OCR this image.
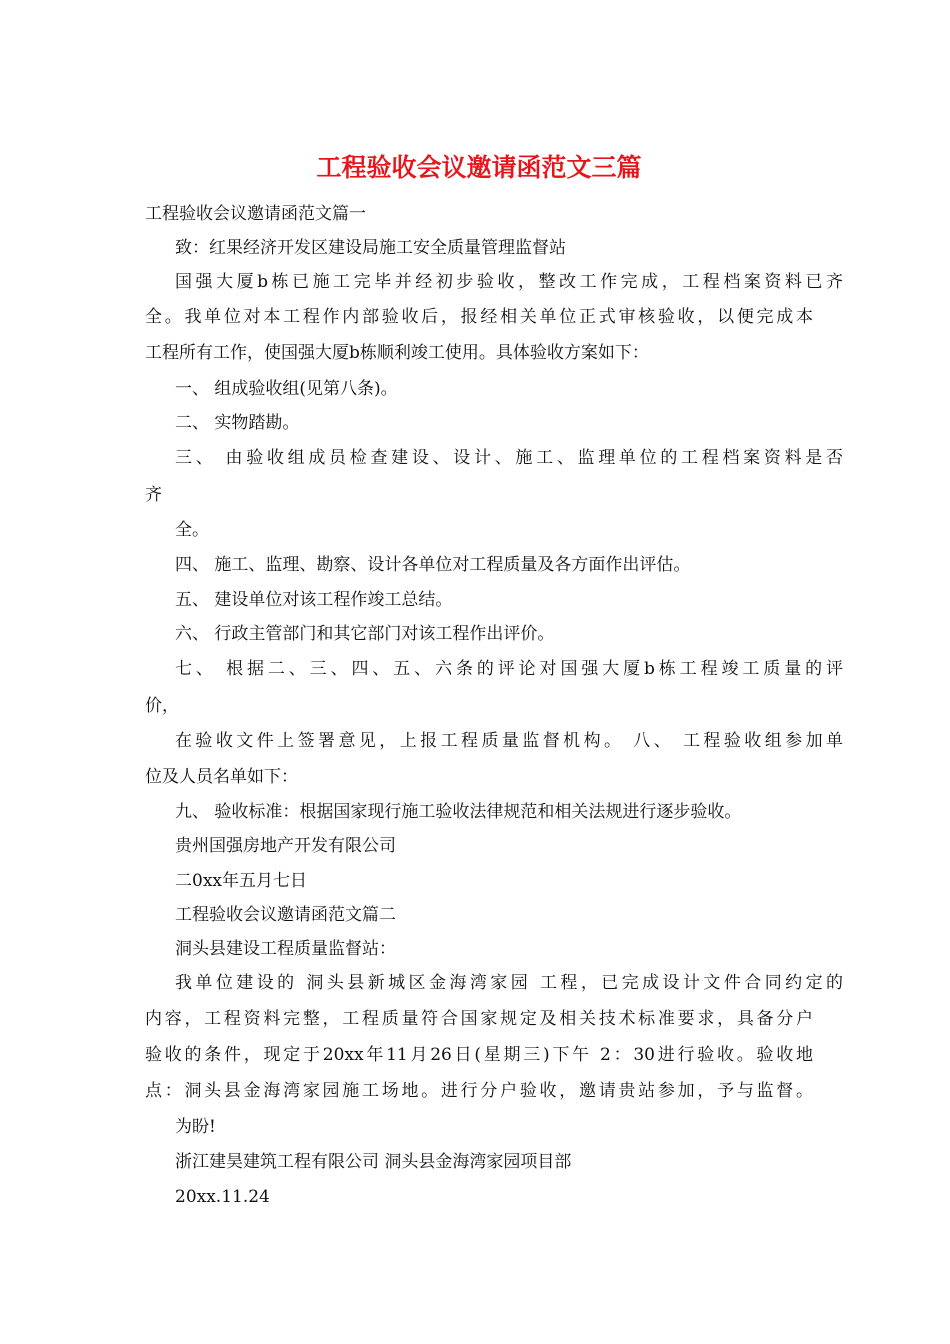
工程验收会议邀请函范文三篇
工程验收会议邀请函范文篇一
致：红果经济开发区建设局施工安全质量管理监督站
国强大厦b栋已施工完毕并经初步验收，整改工作完成，工程档案资料已齐
全。我单位对本工程作内部验收后，报经相关单位正式审核验收，以便完成本
工程所有工作，使国强大厦b栋顺利竣工使用。具体验收方案如下：
一、 组成验收组(见第八条)。
二、 实物踏勘。
三、 由验收组成员检查建设、设计、施工、监理单位的工程档案资料是否
齐
全。
四、 施工、监理、勘察、设计各单位对工程质量及各方面作出评估。
五、 建设单位对该工程作竣工总结。
六、 行政主管部门和其它部门对该工程作出评价。
七、 根据二、三、四、五、六条的评论对国强大厦b栋工程竣工质量的评
价，
在验收文件上签署意见，上报工程质量监督机构。 八、 工程验收组参加单
位及人员名单如下：
九、 验收标准：根据国家现行施工验收法律规范和相关法规进行逐步验收。
贵州国强房地产开发有限公司
二0xx年五月七日
工程验收会议邀请函范文篇二
洞头县建设工程质量监督站：
我单位建设的 洞头县新城区金海湾家园 工程，已完成设计文件合同约定的
内容，工程资料完整，工程质量符合国家规定及相关技术标准要求，具备分户
验收的条件，现定于20xx年11月26日(星期三)下午 2：30进行验收。验收地
点：洞头县金海湾家园施工场地。进行分户验收，邀请贵站参加，予与监督。
为盼!
浙江建昊建筑工程有限公司 洞头县金海湾家园项目部
20xx.11.24
